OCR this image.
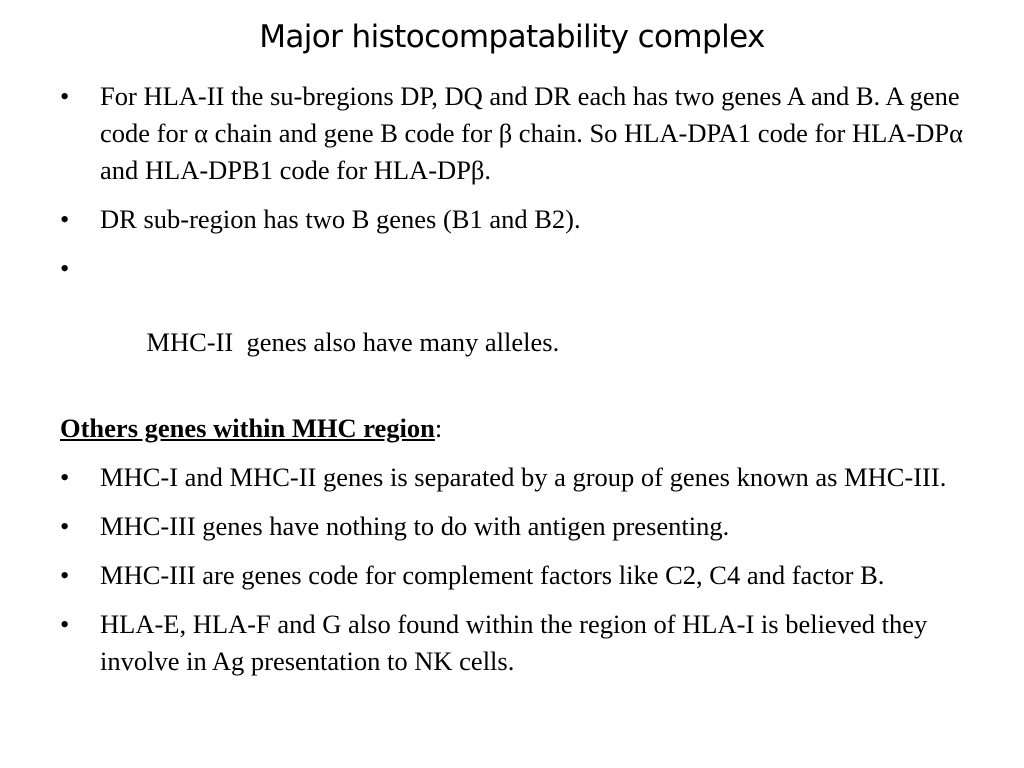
Major histocompatability complex
• For HLA-II the su-bregions DP, DQ and DR each has two genes A and B. A gene code for α chain and gene B code for β chain. So HLA-DPA1 code for HLA-DPα and HLA-DPB1 code for HLA-DPβ.
• DR sub-region has two B genes (B1 and B2).

•

MHC-II  genes also have many alleles.

Others genes within MHC region:
• MHC-I and MHC-II genes is separated by a group of genes known as MHC-III.
• MHC-III genes have nothing to do with antigen presenting.
• MHC-III are genes code for complement factors like C2, C4 and factor B.
• HLA-E, HLA-F and G also found within the region of HLA-I is believed they involve in Ag presentation to NK cells.
